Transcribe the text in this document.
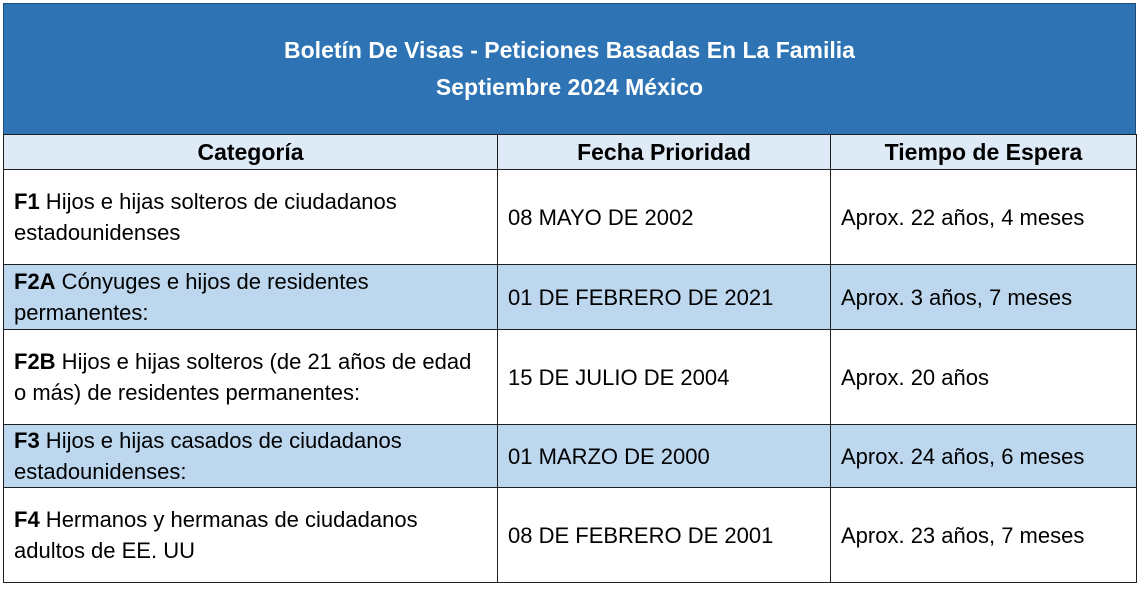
Boletín De Visas - Peticiones Basadas En La Familia
Septiembre 2024 México
Categoría	Fecha Prioridad	Tiempo de Espera
F1 Hijos e hijas solteros de ciudadanos estadounidenses	08 MAYO DE 2002	Aprox. 22 años, 4 meses
F2A Cónyuges e hijos de residentes permanentes:	01 DE FEBRERO DE 2021	Aprox. 3 años, 7 meses
F2B Hijos e hijas solteros (de 21 años de edad o más) de residentes permanentes:	15 DE JULIO DE 2004	Aprox. 20 años
F3 Hijos e hijas casados de ciudadanos estadounidenses:	01 MARZO DE 2000	Aprox. 24 años, 6 meses
F4 Hermanos y hermanas de ciudadanos adultos de EE. UU	08 DE FEBRERO DE 2001	Aprox. 23 años, 7 meses
